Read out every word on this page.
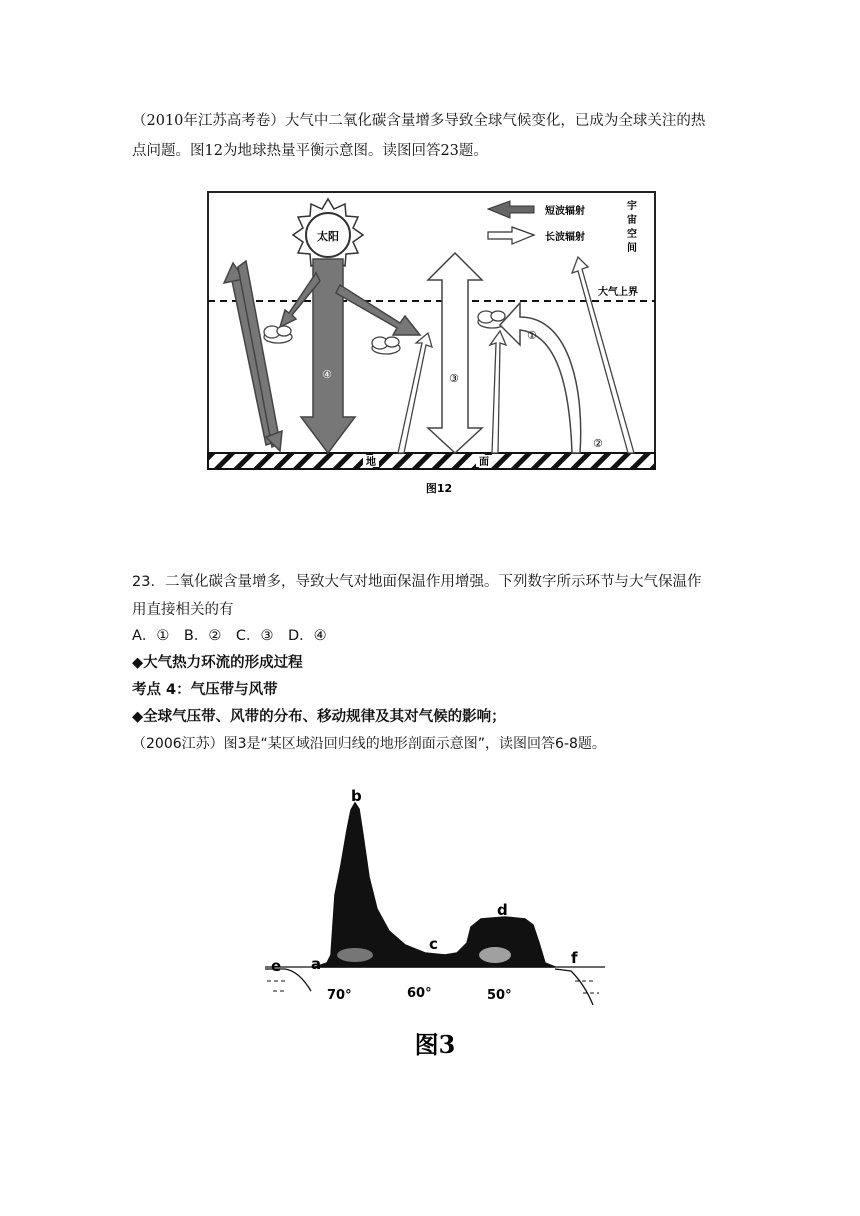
（2010年江苏高考卷）大气中二氧化碳含量增多导致全球气候变化，已成为全球关注的热
点问题。图12为地球热量平衡示意图。读图回答23题。
太阳
短波辐射
长波辐射
宇
宙
空
间
大气上界
①
②
③
④
地	面
图12
23．二氧化碳含量增多，导致大气对地面保温作用增强。下列数字所示环节与大气保温作
用直接相关的有
A．①　B．②　C．③　D．④
◆大气热力环流的形成过程
考点 4：气压带与风带
◆全球气压带、风带的分布、移动规律及其对气候的影响；
（2006江苏）图3是“某区域沿回归线的地形剖面示意图”，读图回答6-8题。
b
a
c
d
e	f
70°	60°	50°
图3
